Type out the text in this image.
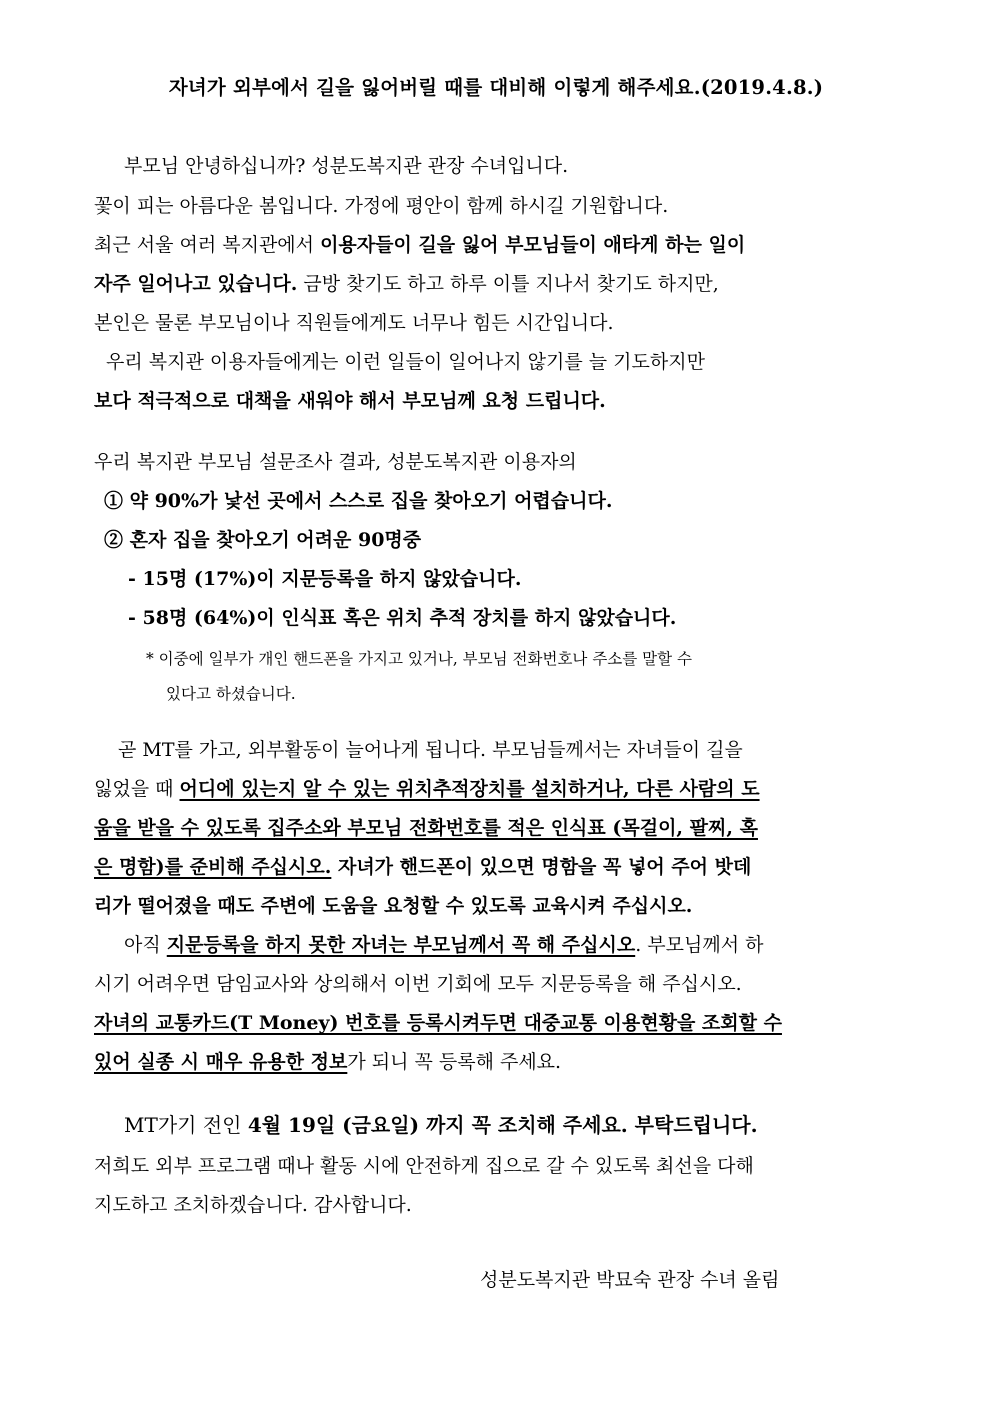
자녀가 외부에서 길을 잃어버릴 때를 대비해 이렇게 해주세요.(2019.4.8.)
부모님 안녕하십니까? 성분도복지관 관장 수녀입니다.
꽃이 피는 아름다운 봄입니다. 가정에 평안이 함께 하시길 기원합니다.
최근 서울 여러 복지관에서 이용자들이 길을 잃어 부모님들이 애타게 하는 일이
자주 일어나고 있습니다. 금방 찾기도 하고 하루 이틀 지나서 찾기도 하지만,
본인은 물론 부모님이나 직원들에게도 너무나 힘든 시간입니다.
우리 복지관 이용자들에게는 이런 일들이 일어나지 않기를 늘 기도하지만
보다 적극적으로 대책을 새워야 해서 부모님께 요청 드립니다.
우리 복지관 부모님 설문조사 결과, 성분도복지관 이용자의
① 약 90%가 낯선 곳에서 스스로 집을 찾아오기 어렵습니다.
② 혼자 집을 찾아오기 어려운 90명중
- 15명 (17%)이 지문등록을 하지 않았습니다.
- 58명 (64%)이 인식표 혹은 위치 추적 장치를 하지 않았습니다.
* 이중에 일부가 개인 핸드폰을 가지고 있거나, 부모님 전화번호나 주소를 말할 수
있다고 하셨습니다.
곧 MT를 가고, 외부활동이 늘어나게 됩니다. 부모님들께서는 자녀들이 길을
잃었을 때 어디에 있는지 알 수 있는 위치추적장치를 설치하거나, 다른 사람의 도
움을 받을 수 있도록 집주소와 부모님 전화번호를 적은 인식표 (목걸이, 팔찌, 혹
은 명함)를 준비해 주십시오. 자녀가 핸드폰이 있으면 명함을 꼭 넣어 주어 밧데
리가 떨어졌을 때도 주변에 도움을 요청할 수 있도록 교육시켜 주십시오.
아직 지문등록을 하지 못한 자녀는 부모님께서 꼭 해 주십시오. 부모님께서 하
시기 어려우면 담임교사와 상의해서 이번 기회에 모두 지문등록을 해 주십시오.
자녀의 교통카드(T Money) 번호를 등록시켜두면 대중교통 이용현황을 조회할 수
있어 실종 시 매우 유용한 정보가 되니 꼭 등록해 주세요.
MT가기 전인 4월 19일 (금요일) 까지 꼭 조치해 주세요. 부탁드립니다.
저희도 외부 프로그램 때나 활동 시에 안전하게 집으로 갈 수 있도록 최선을 다해
지도하고 조치하겠습니다. 감사합니다.
성분도복지관 박묘숙 관장 수녀 올림
